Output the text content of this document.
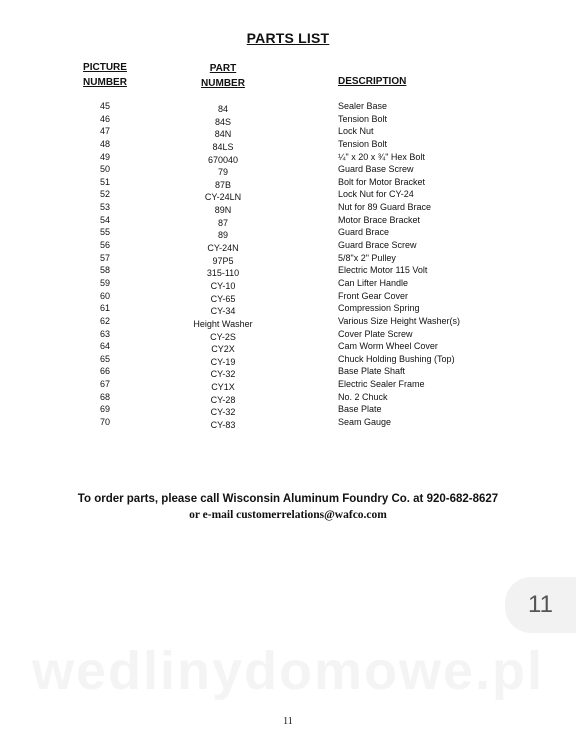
PARTS LIST
PICTURE
NUMBER
PART
NUMBER	DESCRIPTION
45	84	Sealer Base
46	84S	Tension Bolt
47	84N	Lock Nut
48	84LS	Tension Bolt
49	670040	¼" x 20 x ¾" Hex Bolt
50	79	Guard Base Screw
51	87B	Bolt for Motor Bracket
52	CY-24LN	Lock Nut for CY-24
53	89N	Nut for 89 Guard Brace
54	87	Motor Brace Bracket
55	89	Guard Brace
56	CY-24N	Guard Brace Screw
57	97P5	5/8"x 2" Pulley
58	315-110	Electric Motor 115 Volt
59	CY-10	Can Lifter Handle
60	CY-65	Front Gear Cover
61	CY-34	Compression Spring
62	Height Washer	Various Size Height Washer(s)
63	CY-2S	Cover Plate Screw
64	CY2X	Cam Worm Wheel Cover
65	CY-19	Chuck Holding Bushing (Top)
66	CY-32	Base Plate Shaft
67	CY1X	Electric Sealer Frame
68	CY-28	No. 2 Chuck
69	CY-32	Base Plate
70	CY-83	Seam Gauge
To order parts, please call Wisconsin Aluminum Foundry Co. at 920-682-8627
or e-mail customerrelations@wafco.com
11
wedlinydomowe.pl
11
